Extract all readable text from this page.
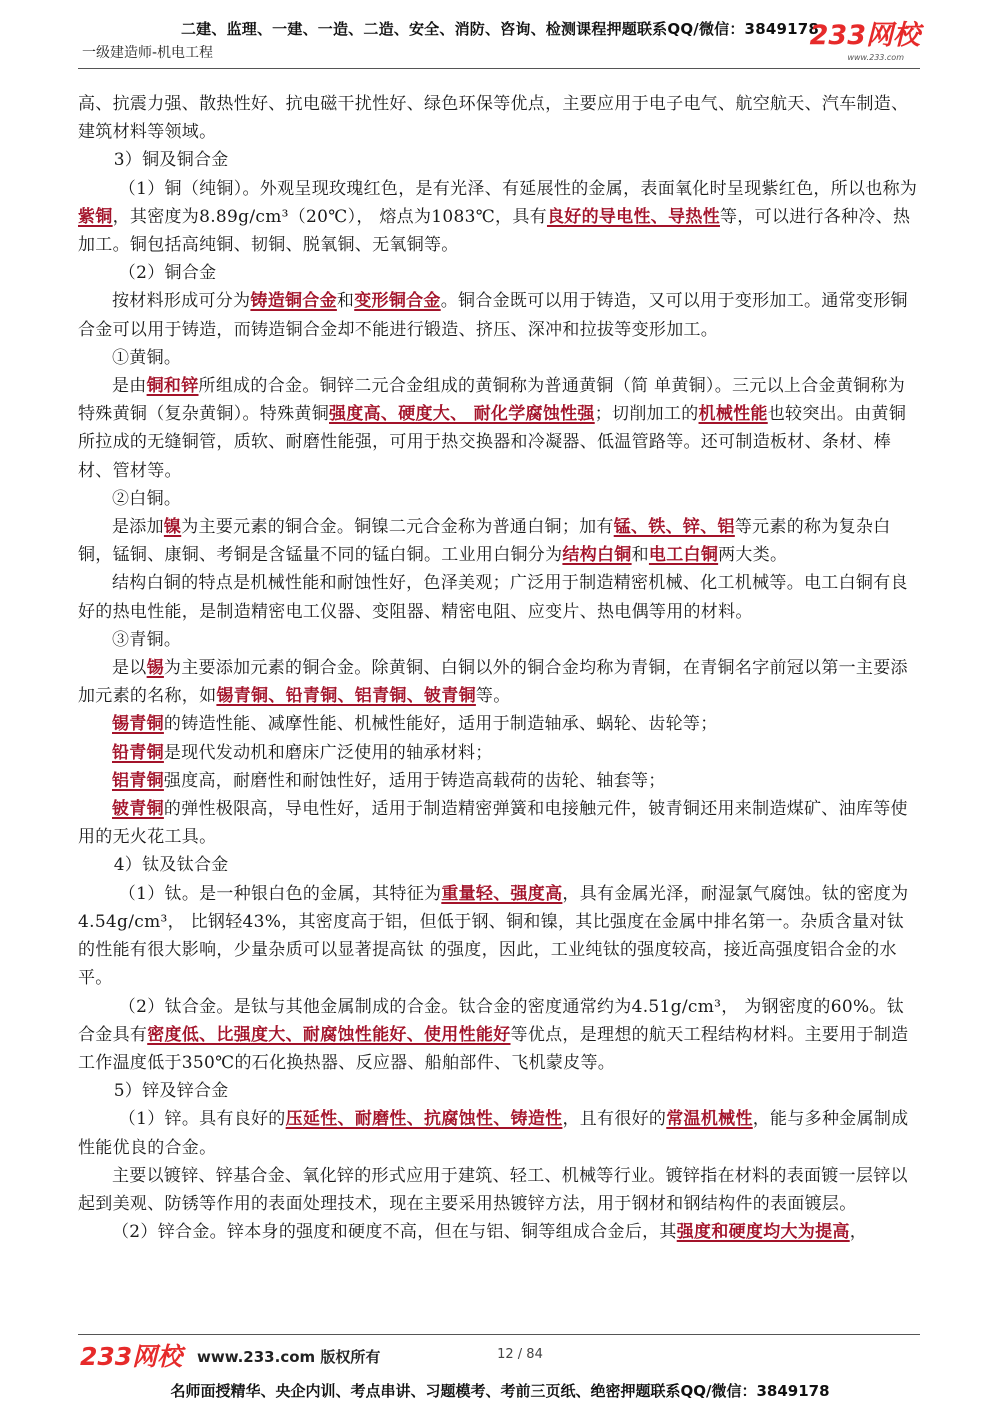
二建、监理、一建、一造、二造、安全、消防、咨询、检测课程押题联系QQ/微信：3849178
一级建造师-机电工程
233网校
www.233.com

高、抗震力强、散热性好、抗电磁干扰性好、绿色环保等优点，主要应用于电子电气、航空航天、汽车制造、建筑材料等领域。

3）铜及铜合金

（1）铜（纯铜）。外观呈现玫瑰红色，是有光泽、有延展性的金属，表面氧化时呈现紫红色，所以也称为紫铜，其密度为8.89g/cm³（20℃）， 熔点为1083℃，具有良好的导电性、导热性等，可以进行各种冷、热加工。铜包括高纯铜、韧铜、脱氧铜、无氧铜等。

（2）铜合金

按材料形成可分为铸造铜合金和变形铜合金。铜合金既可以用于铸造，又可以用于变形加工。通常变形铜合金可以用于铸造，而铸造铜合金却不能进行锻造、挤压、深冲和拉拔等变形加工。

①黄铜。

是由铜和锌所组成的合金。铜锌二元合金组成的黄铜称为普通黄铜（简 单黄铜）。三元以上合金黄铜称为特殊黄铜（复杂黄铜）。特殊黄铜强度高、硬度大、 耐化学腐蚀性强；切削加工的机械性能也较突出。由黄铜所拉成的无缝铜管，质软、耐磨性能强，可用于热交换器和冷凝器、低温管路等。还可制造板材、条材、棒材、管材等。

②白铜。

是添加镍为主要元素的铜合金。铜镍二元合金称为普通白铜；加有锰、铁、锌、铝等元素的称为复杂白铜，锰铜、康铜、考铜是含锰量不同的锰白铜。工业用白铜分为结构白铜和电工白铜两大类。

结构白铜的特点是机械性能和耐蚀性好，色泽美观；广泛用于制造精密机械、化工机械等。电工白铜有良好的热电性能，是制造精密电工仪器、变阻器、精密电阻、应变片、热电偶等用的材料。

③青铜。

是以锡为主要添加元素的铜合金。除黄铜、白铜以外的铜合金均称为青铜，在青铜名字前冠以第一主要添加元素的名称，如锡青铜、铅青铜、铝青铜、铍青铜等。

锡青铜的铸造性能、减摩性能、机械性能好，适用于制造轴承、蜗轮、齿轮等；

铅青铜是现代发动机和磨床广泛使用的轴承材料；

铝青铜强度高，耐磨性和耐蚀性好，适用于铸造高载荷的齿轮、轴套等；

铍青铜的弹性极限高，导电性好，适用于制造精密弹簧和电接触元件，铍青铜还用来制造煤矿、油库等使用的无火花工具。

4）钛及钛合金

（1）钛。是一种银白色的金属，其特征为重量轻、强度高，具有金属光泽，耐湿氯气腐蚀。钛的密度为4.54g/cm³， 比钢轻43%，其密度高于铝，但低于钢、铜和镍，其比强度在金属中排名第一。杂质含量对钛的性能有很大影响，少量杂质可以显著提高钛 的强度，因此，工业纯钛的强度较高，接近高强度铝合金的水平。

（2）钛合金。是钛与其他金属制成的合金。钛合金的密度通常约为4.51g/cm³， 为钢密度的60%。钛合金具有密度低、比强度大、耐腐蚀性能好、使用性能好等优点，是理想的航天工程结构材料。主要用于制造工作温度低于350℃的石化换热器、反应器、船舶部件、飞机蒙皮等。

5）锌及锌合金

（1）锌。具有良好的压延性、耐磨性、抗腐蚀性、铸造性，且有很好的常温机械性，能与多种金属制成性能优良的合金。

主要以镀锌、锌基合金、氧化锌的形式应用于建筑、轻工、机械等行业。镀锌指在材料的表面镀一层锌以起到美观、防锈等作用的表面处理技术，现在主要采用热镀锌方法，用于钢材和钢结构件的表面镀层。

（2）锌合金。锌本身的强度和硬度不高，但在与铝、铜等组成合金后，其强度和硬度均大为提高，

233网校 www.233.com 版权所有	12 / 84
名师面授精华、央企内训、考点串讲、习题模考、考前三页纸、绝密押题联系QQ/微信：3849178
